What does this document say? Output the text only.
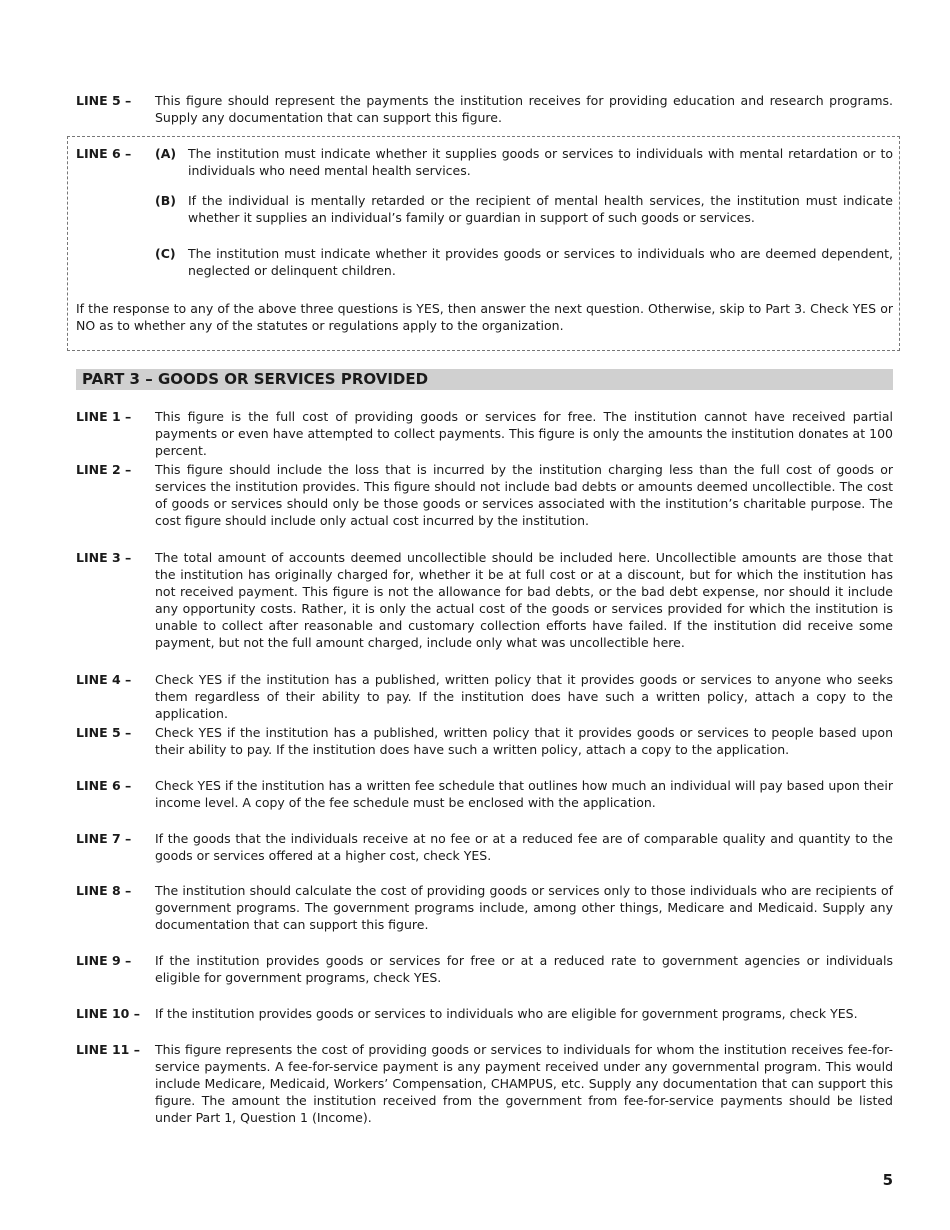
LINE 5 – This figure should represent the payments the institution receives for providing education and research programs. Supply any documentation that can support this figure.
LINE 6 – (A) The institution must indicate whether it supplies goods or services to individuals with mental retardation or to individuals who need mental health services.
(B) If the individual is mentally retarded or the recipient of mental health services, the institution must indicate whether it supplies an individual’s family or guardian in support of such goods or services.
(C) The institution must indicate whether it provides goods or services to individuals who are deemed dependent, neglected or delinquent children.
If the response to any of the above three questions is YES, then answer the next question. Otherwise, skip to Part 3. Check YES or NO as to whether any of the statutes or regulations apply to the organization.
PART 3 – GOODS OR SERVICES PROVIDED
LINE 1 – This figure is the full cost of providing goods or services for free. The institution cannot have received partial payments or even have attempted to collect payments. This figure is only the amounts the institution donates at 100 percent.
LINE 2 – This figure should include the loss that is incurred by the institution charging less than the full cost of goods or services the institution provides. This figure should not include bad debts or amounts deemed uncollectible. The cost of goods or services should only be those goods or services associated with the institution’s charitable purpose. The cost figure should include only actual cost incurred by the institution.
LINE 3 – The total amount of accounts deemed uncollectible should be included here. Uncollectible amounts are those that the institution has originally charged for, whether it be at full cost or at a discount, but for which the institution has not received payment. This figure is not the allowance for bad debts, or the bad debt expense, nor should it include any opportunity costs. Rather, it is only the actual cost of the goods or services provided for which the institution is unable to collect after reasonable and customary collection efforts have failed. If the institution did receive some payment, but not the full amount charged, include only what was uncollectible here.
LINE 4 – Check YES if the institution has a published, written policy that it provides goods or services to anyone who seeks them regardless of their ability to pay. If the institution does have such a written policy, attach a copy to the application.
LINE 5 – Check YES if the institution has a published, written policy that it provides goods or services to people based upon their ability to pay. If the institution does have such a written policy, attach a copy to the application.
LINE 6 – Check YES if the institution has a written fee schedule that outlines how much an individual will pay based upon their income level. A copy of the fee schedule must be enclosed with the application.
LINE 7 – If the goods that the individuals receive at no fee or at a reduced fee are of comparable quality and quantity to the goods or services offered at a higher cost, check YES.
LINE 8 – The institution should calculate the cost of providing goods or services only to those individuals who are recipients of government programs. The government programs include, among other things, Medicare and Medicaid. Supply any documentation that can support this figure.
LINE 9 – If the institution provides goods or services for free or at a reduced rate to government agencies or individuals eligible for government programs, check YES.
LINE 10 – If the institution provides goods or services to individuals who are eligible for government programs, check YES.
LINE 11 – This figure represents the cost of providing goods or services to individuals for whom the institution receives fee-for-service payments. A fee-for-service payment is any payment received under any governmental program. This would include Medicare, Medicaid, Workers’ Compensation, CHAMPUS, etc. Supply any documentation that can support this figure. The amount the institution received from the government from fee-for-service payments should be listed under Part 1, Question 1 (Income).
5
